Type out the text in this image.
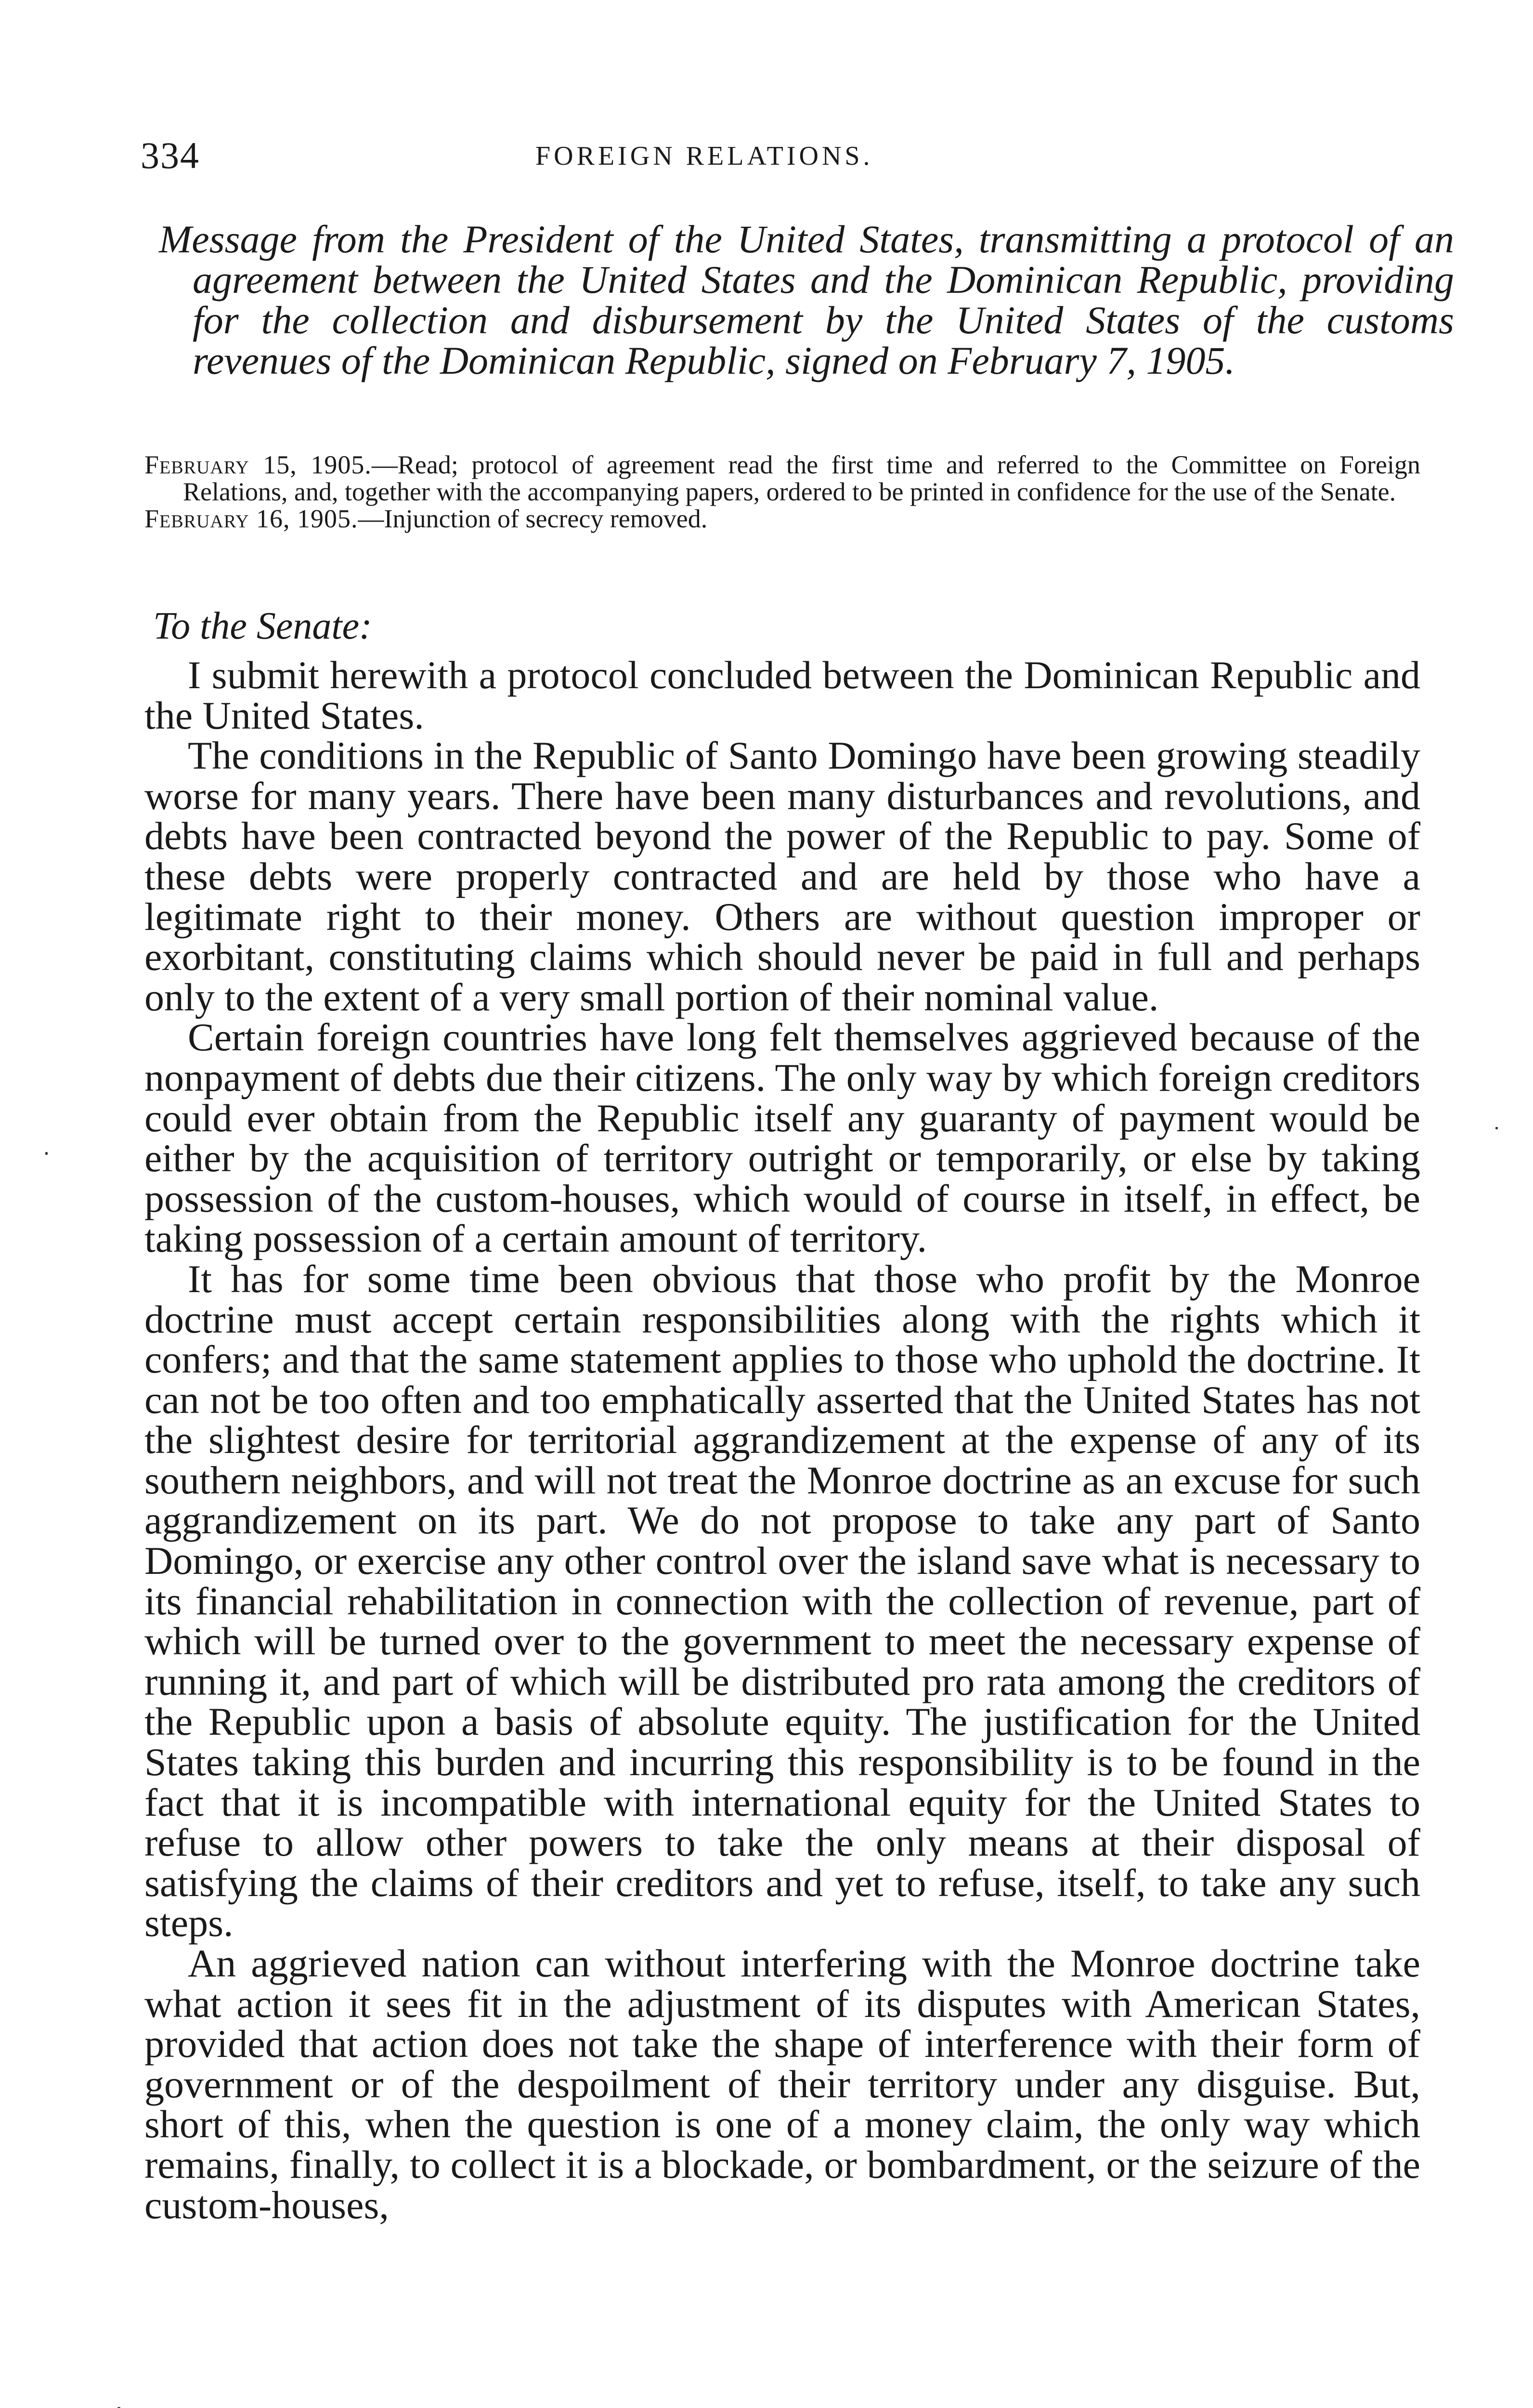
334	FOREIGN RELATIONS.

Message from the President of the United States, transmitting a protocol of an agreement between the United States and the Dominican Republic, providing for the collection and disbursement by the United States of the customs revenues of the Dominican Republic, signed on February 7, 1905.

February 15, 1905.—Read; protocol of agreement read the first time and referred to the Committee on Foreign Relations, and, together with the accompanying papers, ordered to be printed in confidence for the use of the Senate.

February 16, 1905.—Injunction of secrecy removed.

To the Senate:

I submit herewith a protocol concluded between the Dominican Republic and the United States.

The conditions in the Republic of Santo Domingo have been growing steadily worse for many years. There have been many disturbances and revolutions, and debts have been contracted beyond the power of the Republic to pay. Some of these debts were properly contracted and are held by those who have a legitimate right to their money. Others are without question improper or exorbitant, constituting claims which should never be paid in full and perhaps only to the extent of a very small portion of their nominal value.

Certain foreign countries have long felt themselves aggrieved because of the nonpayment of debts due their citizens. The only way by which foreign creditors could ever obtain from the Republic itself any guaranty of payment would be either by the acquisition of territory outright or temporarily, or else by taking possession of the custom-houses, which would of course in itself, in effect, be taking possession of a certain amount of territory.

It has for some time been obvious that those who profit by the Monroe doctrine must accept certain responsibilities along with the rights which it confers; and that the same statement applies to those who uphold the doctrine. It can not be too often and too emphatically asserted that the United States has not the slightest desire for territorial aggrandizement at the expense of any of its southern neighbors, and will not treat the Monroe doctrine as an excuse for such aggrandizement on its part. We do not propose to take any part of Santo Domingo, or exercise any other control over the island save what is necessary to its financial rehabilitation in connection with the collection of revenue, part of which will be turned over to the government to meet the necessary expense of running it, and part of which will be distributed pro rata among the creditors of the Republic upon a basis of absolute equity. The justification for the United States taking this burden and incurring this responsibility is to be found in the fact that it is incompatible with international equity for the United States to refuse to allow other powers to take the only means at their disposal of satisfying the claims of their creditors and yet to refuse, itself, to take any such steps.

An aggrieved nation can without interfering with the Monroe doctrine take what action it sees fit in the adjustment of its disputes with American States, provided that action does not take the shape of interference with their form of government or of the despoilment of their territory under any disguise. But, short of this, when the question is one of a money claim, the only way which remains, finally, to collect it is a blockade, or bombardment, or the seizure of the custom-houses,
